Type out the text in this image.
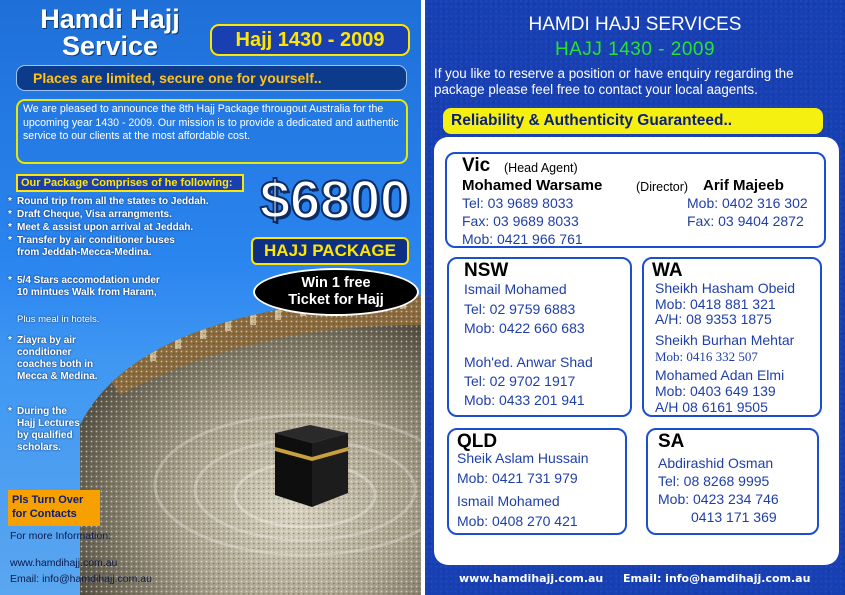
Hamdi Hajj
Service	Hajj 1430 - 2009
Places are limited, secure one for yourself..
We are pleased to announce the 8th Hajj Package througout Australia for the upcoming year 1430 - 2009. Our mission is to provide a dedicated and authentic service to our clients at the most affordable cost.
Our Package Comprises of he following:
* Round trip from all the states to Jeddah.
* Draft Cheque, Visa arrangments.
* Meet & assist upon arrival at Jeddah.
* Transfer by air conditioner buses from Jeddah-Mecca-Medina.
* 5/4 Stars accomodation under 10 mintues Walk from Haram,
Plus meal in hotels.
* Ziayra by air conditioner coaches both in Mecca & Medina.
* During the Hajj Lectures by qualified scholars.
$6800
HAJJ PACKAGE
Win 1 free
Ticket for Hajj
Pls Turn Over
for Contacts
For more Information:
www.hamdihajj.com.au
Email: info@hamdihajj.com.au
HAMDI HAJJ SERVICES
HAJJ 1430 - 2009
If you like to reserve a position or have enquiry regarding the package please feel free to contact your local aagents.
Reliability & Authenticity Guaranteed..
Vic (Head Agent)
Mohamed Warsame	(Director)
Tel: 03 9689 8033
Fax: 03 9689 8033
Mob: 0421 966 761
Arif Majeeb
Mob: 0402 316 302
Fax: 03 9404 2872
NSW
Ismail Mohamed
Tel: 02 9759 6883
Mob: 0422 660 683
Moh'ed. Anwar Shad
Tel: 02 9702 1917
Mob: 0433 201 941
WA
Sheikh Hasham Obeid
Mob: 0418 881 321
A/H: 08 9353 1875
Sheikh Burhan Mehtar
Mob: 0416 332 507
Mohamed Adan Elmi
Mob: 0403 649 139
A/H 08 6161 9505
QLD
Sheik Aslam Hussain
Mob: 0421 731 979
Ismail Mohamed
Mob: 0408 270 421
SA
Abdirashid Osman
Tel: 08 8268 9995
Mob: 0423 234 746
0413 171 369
www.hamdihajj.com.au Email: info@hamdihajj.com.au
